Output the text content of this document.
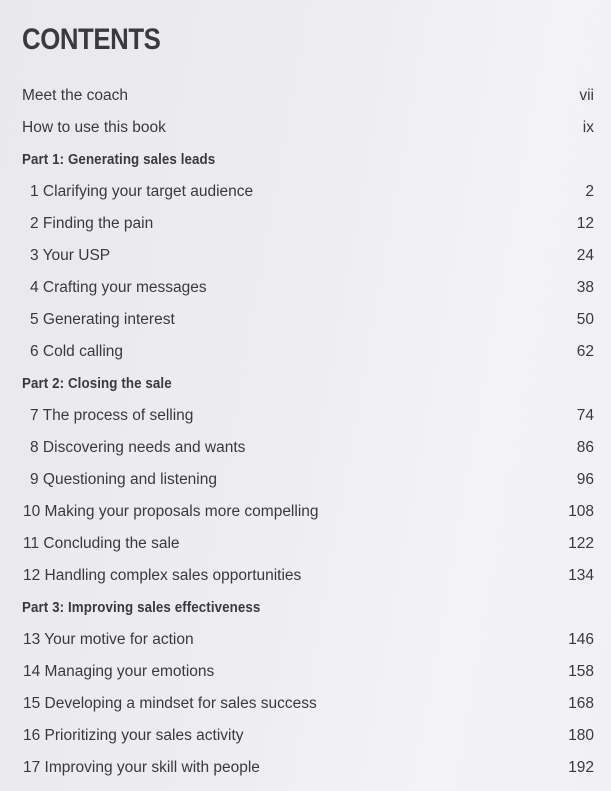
CONTENTS
Meet the coach	vii
How to use this book	ix
Part 1: Generating sales leads
1 Clarifying your target audience	2
2 Finding the pain	12
3 Your USP	24
4 Crafting your messages	38
5 Generating interest	50
6 Cold calling	62
Part 2: Closing the sale
7 The process of selling	74
8 Discovering needs and wants	86
9 Questioning and listening	96
10 Making your proposals more compelling	108
11 Concluding the sale	122
12 Handling complex sales opportunities	134
Part 3: Improving sales effectiveness
13 Your motive for action	146
14 Managing your emotions	158
15 Developing a mindset for sales success	168
16 Prioritizing your sales activity	180
17 Improving your skill with people	192
